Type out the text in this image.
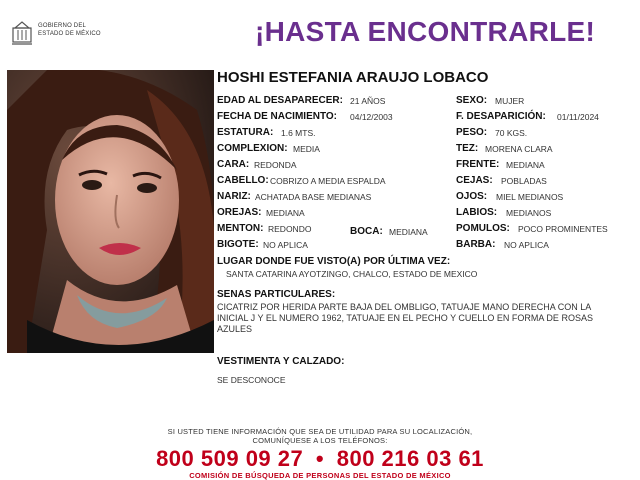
GOBIERNO DEL
ESTADO DE MÉXICO	¡HASTA ENCONTRARLE!
HOSHI ESTEFANIA ARAUJO LOBACO
EDAD AL DESAPARECER: 21 AÑOS
FECHA DE NACIMIENTO: 04/12/2003
ESTATURA: 1.6 MTS.
COMPLEXION: MEDIA
CARA: REDONDA
CABELLO: COBRIZO A MEDIA ESPALDA
NARIZ: ACHATADA BASE MEDIANAS
OREJAS: MEDIANA
MENTON: REDONDO
BIGOTE: NO APLICA
BOCA: MEDIANA
SEXO: MUJER
F. DESAPARICIÓN: 01/11/2024
PESO: 70 KGS.
TEZ: MORENA CLARA
FRENTE: MEDIANA
CEJAS: POBLADAS
OJOS: MIEL MEDIANOS
LABIOS: MEDIANOS
POMULOS: POCO PROMINENTES
BARBA: NO APLICA
LUGAR DONDE FUE VISTO(A) POR ÚLTIMA VEZ:
SANTA CATARINA AYOTZINGO, CHALCO, ESTADO DE MEXICO
SENAS PARTICULARES:
CICATRIZ POR HERIDA PARTE BAJA DEL OMBLIGO, TATUAJE MANO DERECHA CON LA INICIAL J Y EL NUMERO 1962, TATUAJE EN EL PECHO Y CUELLO EN FORMA DE ROSAS AZULES
VESTIMENTA Y CALZADO:
SE DESCONOCE
SI USTED TIENE INFORMACIÓN QUE SEA DE UTILIDAD PARA SU LOCALIZACIÓN,
COMUNÍQUESE A LOS TELÉFONOS:
800 509 09 27 • 800 216 03 61
COMISIÓN DE BÚSQUEDA DE PERSONAS DEL ESTADO DE MÉXICO
